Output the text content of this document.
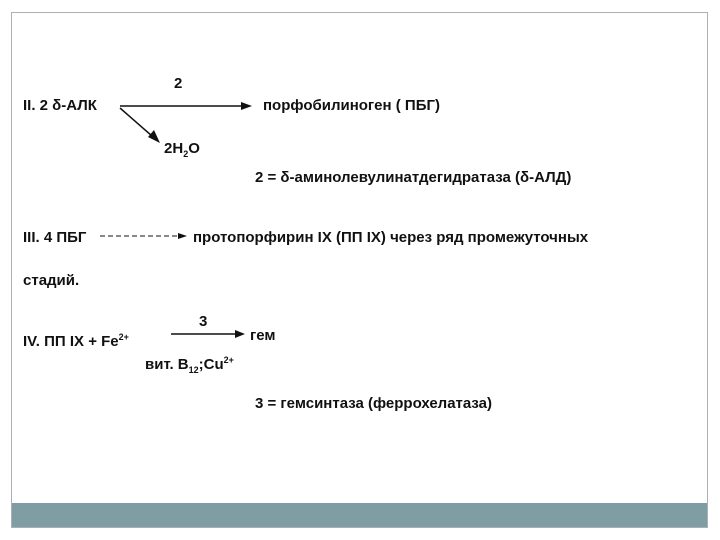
II. 2 δ-АЛК
2
порфобилиноген ( ПБГ)
$2H_2O$
2 = δ-аминолевулинатдегидратаза (δ-АЛД)
III. 4 ПБГ	протопорфирин IX (ПП IX) через ряд промежуточных
стадий.
IV. ПП IX + $Fe^{2+}$
3
гем
вит. $B_{12};Cu^{2+}$
3 = гемсинтаза (феррохелатаза)
